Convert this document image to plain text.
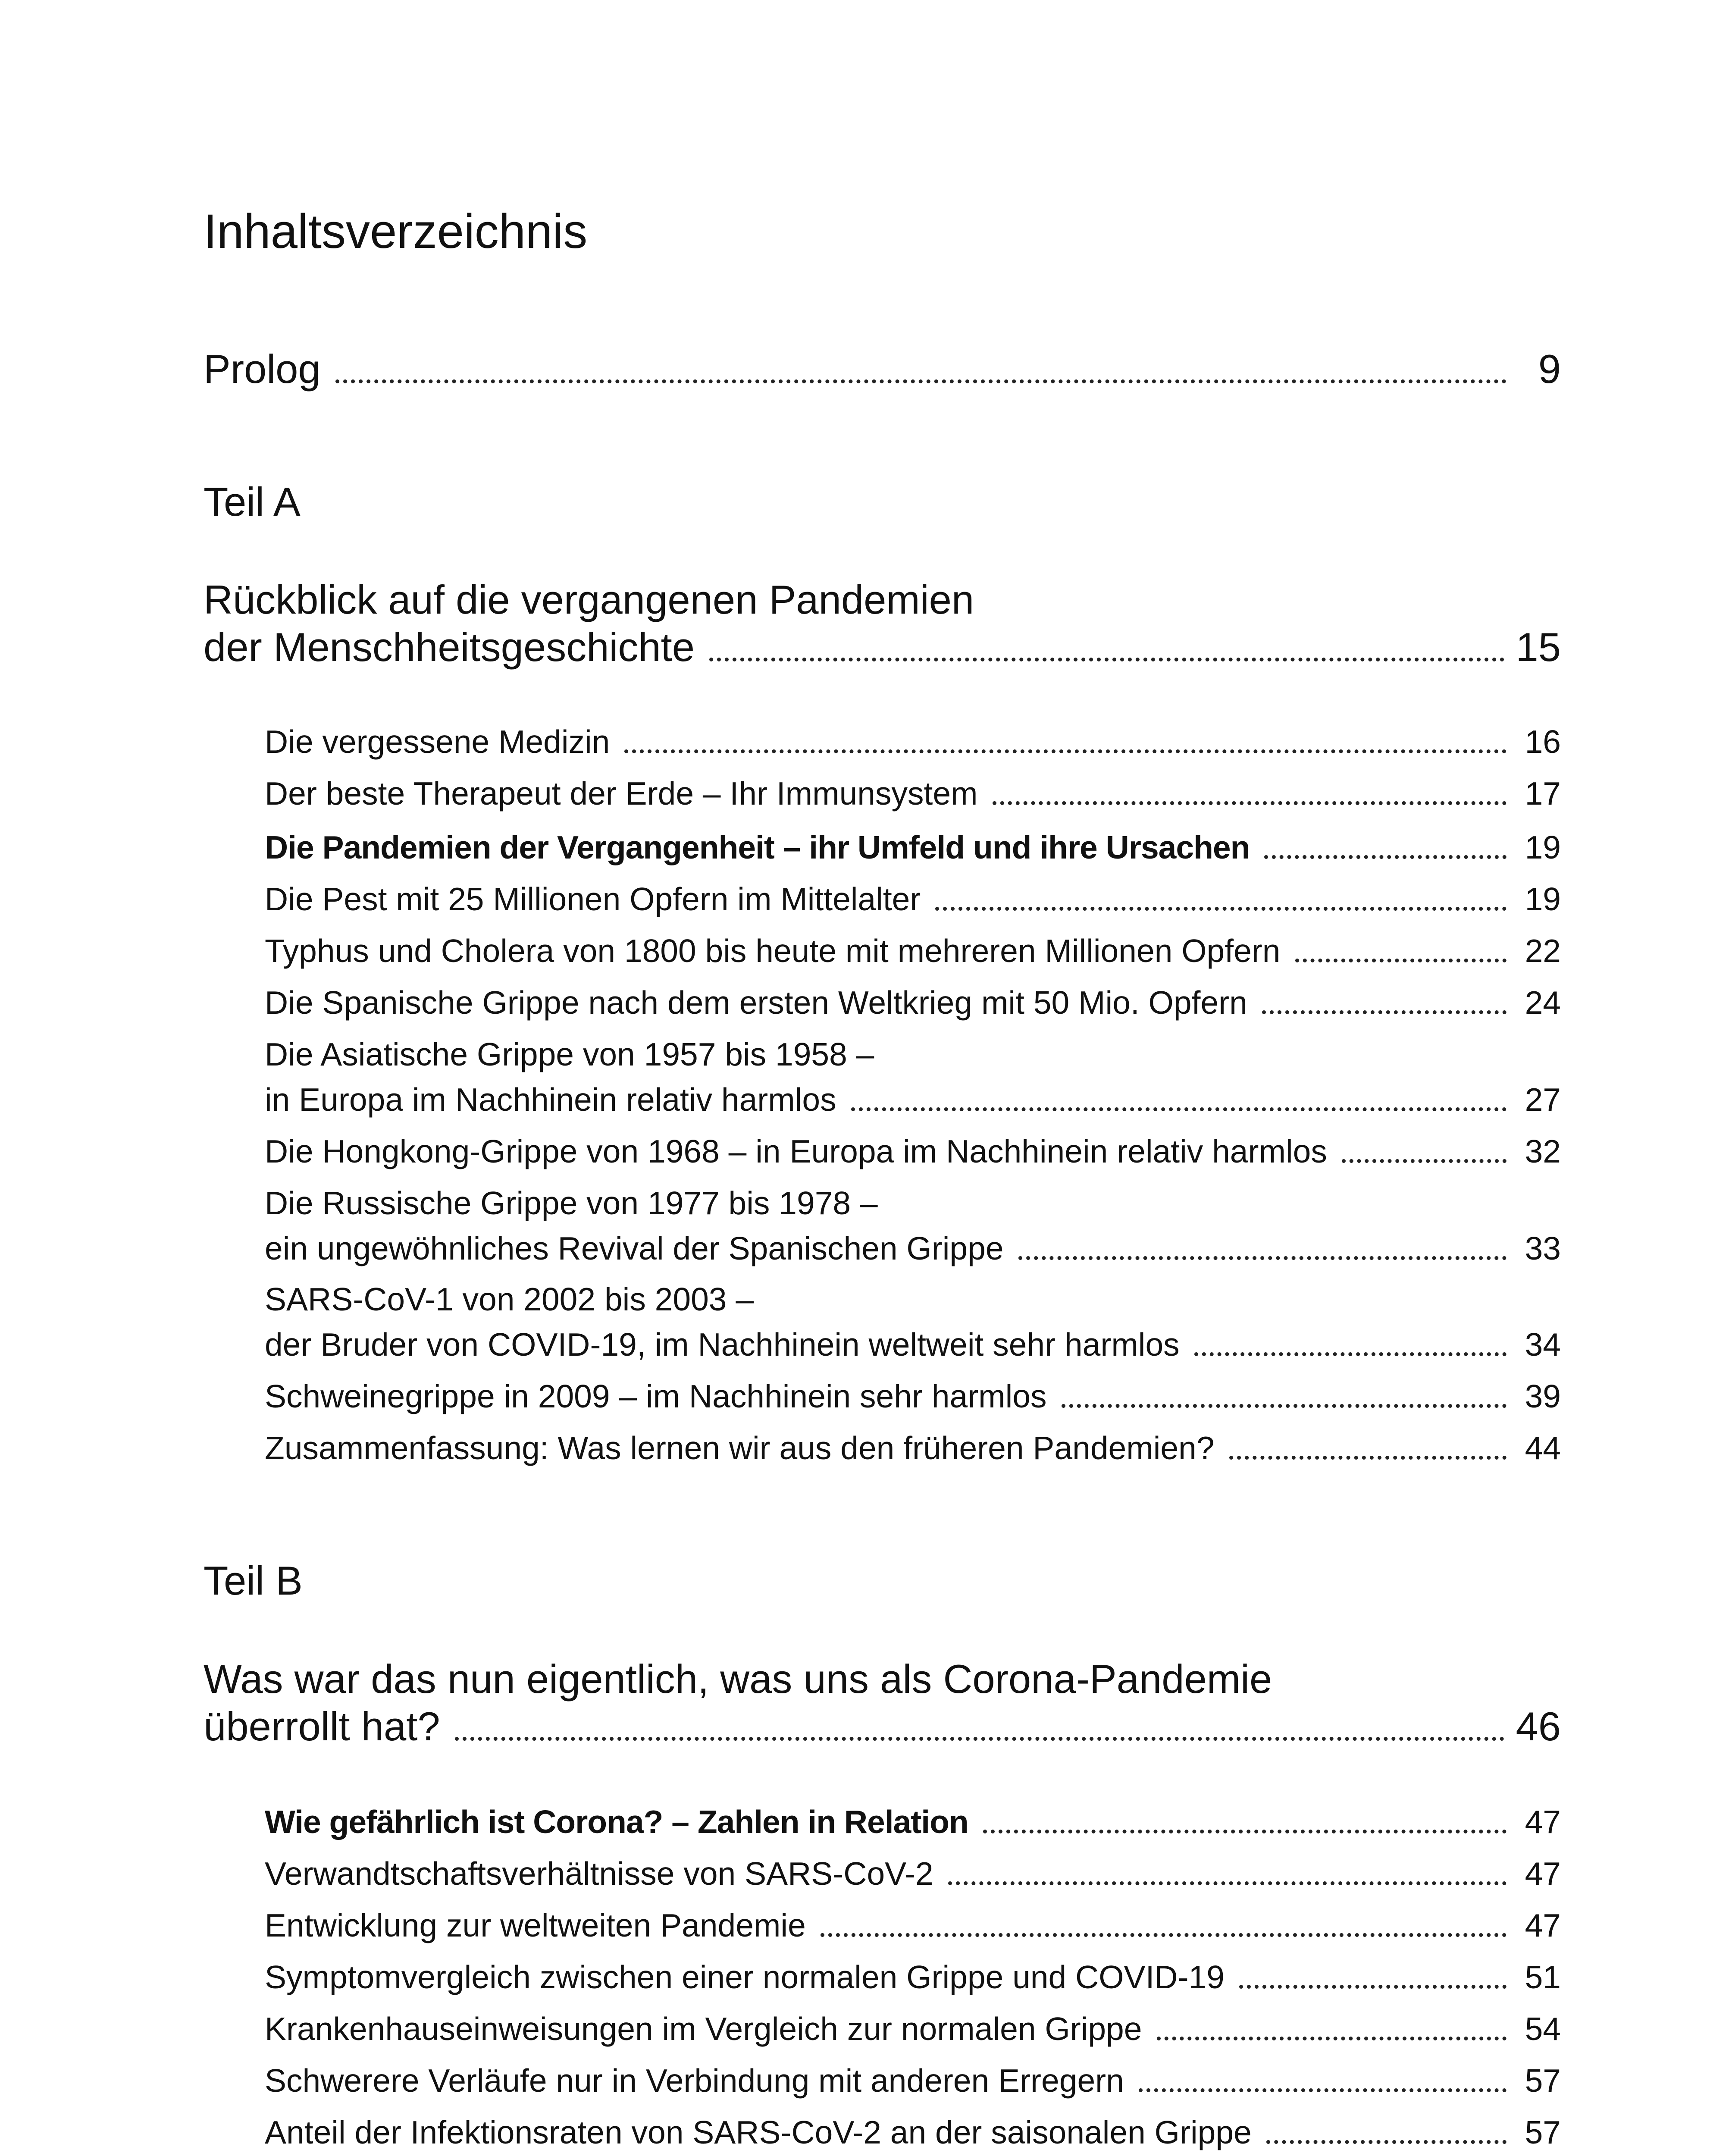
Inhaltsverzeichnis
Prolog	9
Teil A
Rückblick auf die vergangenen Pandemien
der Menschheitsgeschichte	15
Die vergessene Medizin	16
Der beste Therapeut der Erde – Ihr Immunsystem	17
Die Pandemien der Vergangenheit – ihr Umfeld und ihre Ursachen	19
Die Pest mit 25 Millionen Opfern im Mittelalter	19
Typhus und Cholera von 1800 bis heute mit mehreren Millionen Opfern	22
Die Spanische Grippe nach dem ersten Weltkrieg mit 50 Mio. Opfern	24
Die Asiatische Grippe von 1957 bis 1958 –
in Europa im Nachhinein relativ harmlos	27
Die Hongkong-Grippe von 1968 – in Europa im Nachhinein relativ harmlos	32
Die Russische Grippe von 1977 bis 1978 –
ein ungewöhnliches Revival der Spanischen Grippe	33
SARS-CoV-1 von 2002 bis 2003 –
der Bruder von COVID-19, im Nachhinein weltweit sehr harmlos	34
Schweinegrippe in 2009 – im Nachhinein sehr harmlos	39
Zusammenfassung: Was lernen wir aus den früheren Pandemien?	44
Teil B
Was war das nun eigentlich, was uns als Corona-Pandemie
überrollt hat?	46
Wie gefährlich ist Corona? – Zahlen in Relation	47
Verwandtschaftsverhältnisse von SARS-CoV-2	47
Entwicklung zur weltweiten Pandemie	47
Symptomvergleich zwischen einer normalen Grippe und COVID-19	51
Krankenhauseinweisungen im Vergleich zur normalen Grippe	54
Schwerere Verläufe nur in Verbindung mit anderen Erregern	57
Anteil der Infektionsraten von SARS-CoV-2 an der saisonalen Grippe	57
